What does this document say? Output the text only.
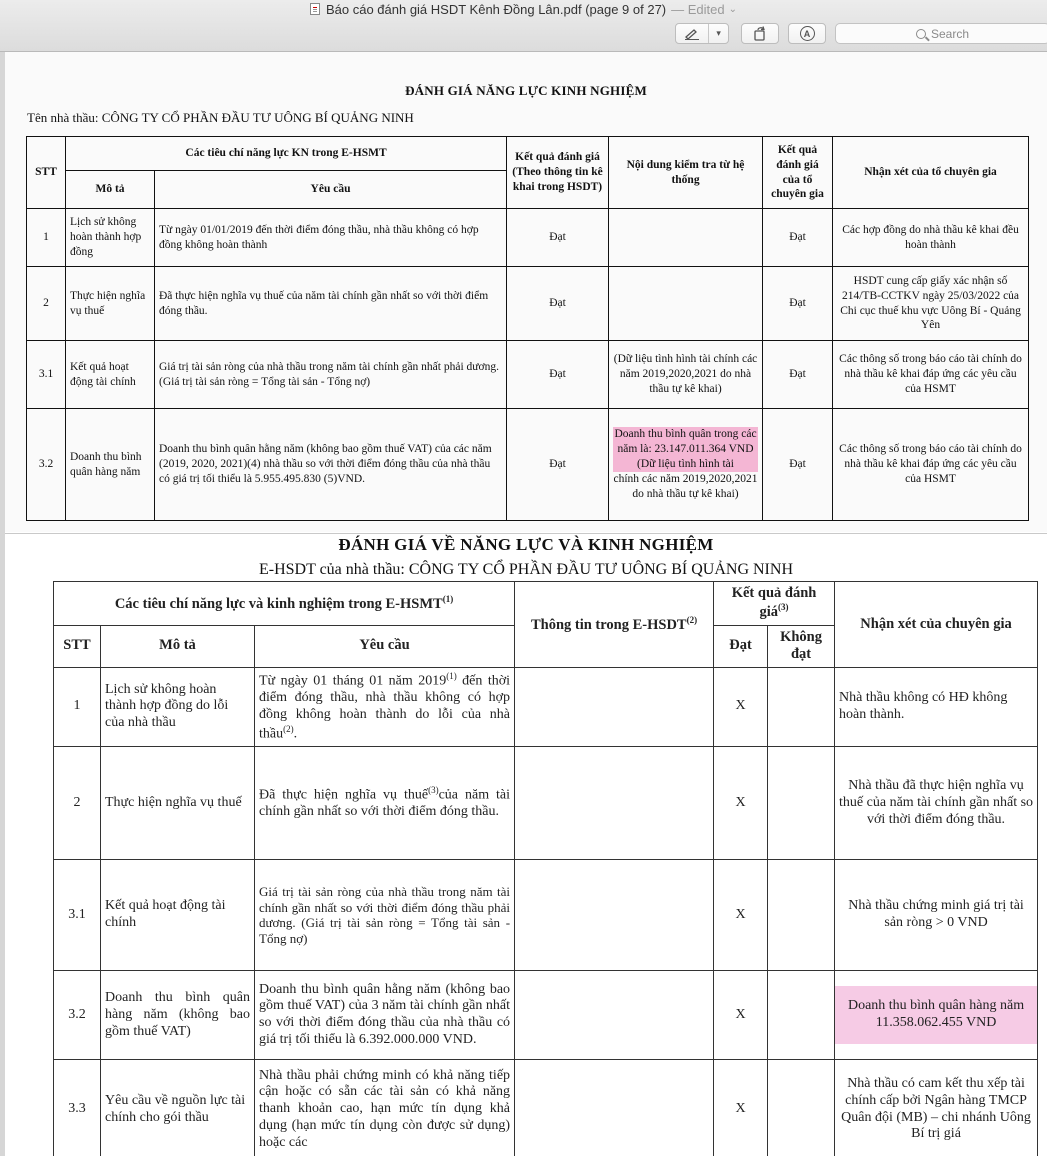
Báo cáo đánh giá HSDT Kênh Đồng Lân.pdf (page 9 of 27) — Edited ⌄
▾	A	Search
ĐÁNH GIÁ NĂNG LỰC KINH NGHIỆM
Tên nhà thầu: CÔNG TY CỔ PHẦN ĐẦU TƯ UÔNG BÍ QUẢNG NINH
STT	Các tiêu chí năng lực KN trong E-HSMT		Kết quả đánh giá (Theo thông tin kê khai trong HSDT)	Nội dung kiểm tra từ hệ thống	Kết quả đánh giá của tổ chuyên gia	Nhận xét của tổ chuyên gia
	Mô tả	Yêu cầu				
1	Lịch sử không hoàn thành hợp đồng	Từ ngày 01/01/2019 đến thời điểm đóng thầu, nhà thầu không có hợp đồng không hoàn thành	Đạt		Đạt	Các hợp đồng do nhà thầu kê khai đều hoàn thành
2	Thực hiện nghĩa vụ thuế	Đã thực hiện nghĩa vụ thuế của năm tài chính gần nhất so với thời điểm đóng thầu.	Đạt		Đạt	HSDT cung cấp giấy xác nhận số 214/TB-CCTKV ngày 25/03/2022 của Chi cục thuế khu vực Uông Bí - Quảng Yên
3.1	Kết quả hoạt động tài chính	Giá trị tài sản ròng của nhà thầu trong năm tài chính gần nhất phải dương. (Giá trị tài sản ròng = Tổng tài sản - Tổng nợ)	Đạt	(Dữ liệu tình hình tài chính các năm 2019,2020,2021 do nhà thầu tự kê khai)	Đạt	Các thông số trong báo cáo tài chính do nhà thầu kê khai đáp ứng các yêu cầu của HSMT
3.2	Doanh thu bình quân hàng năm	Doanh thu bình quân hằng năm (không bao gồm thuế VAT) của các năm (2019, 2020, 2021)(4) nhà thầu so với thời điểm đóng thầu của nhà thầu có giá trị tối thiểu là 5.955.495.830 (5)VND.	Đạt	Doanh thu bình quân trong các năm là: 23.147.011.364 VND (Dữ liệu tình hình tài
chính các năm 2019,2020,2021 do nhà thầu tự kê khai)	Đạt	Các thông số trong báo cáo tài chính do nhà thầu kê khai đáp ứng các yêu cầu của HSMT
ĐÁNH GIÁ VỀ NĂNG LỰC VÀ KINH NGHIỆM
E-HSDT của nhà thầu: CÔNG TY CỔ PHẦN ĐẦU TƯ UÔNG BÍ QUẢNG NINH
Các tiêu chí năng lực và kinh nghiệm trong E-HSMT$^{(1)}$			Thông tin trong E-HSDT$^{(2)}$	Kết quả đánh giá$^{(3)}$		Nhận xét của chuyên gia
STT	Mô tả	Yêu cầu		Đạt	Không đạt	
1	Lịch sử không hoàn thành hợp đồng do lỗi của nhà thầu	Từ ngày 01 tháng 01 năm 2019$^{(1)}$ đến thời điểm đóng thầu, nhà thầu không có hợp đồng không hoàn thành do lỗi của nhà thầu$^{(2)}$.		X		Nhà thầu không có HĐ không hoàn thành.
2	Thực hiện nghĩa vụ thuế	Đã thực hiện nghĩa vụ thuế$^{(3)}$của năm tài chính gần nhất so với thời điểm đóng thầu.		X		Nhà thầu đã thực hiện nghĩa vụ thuế của năm tài chính gần nhất so với thời điểm đóng thầu.
3.1	Kết quả hoạt động tài chính	Giá trị tài sản ròng của nhà thầu trong năm tài chính gần nhất so với thời điểm đóng thầu phải dương. (Giá trị tài sản ròng = Tổng tài sản - Tổng nợ)		X		Nhà thầu chứng minh giá trị tài sản ròng > 0 VND
3.2	Doanh thu bình quân hàng năm (không bao gồm thuế VAT)	Doanh thu bình quân hằng năm (không bao gồm thuế VAT) của 3 năm tài chính gần nhất so với thời điểm đóng thầu của nhà thầu có giá trị tối thiểu là 6.392.000.000 VND.		X		Doanh thu bình quân hàng năm 11.358.062.455 VND

3.3	Yêu cầu về nguồn lực tài chính cho gói thầu	Nhà thầu phải chứng minh có khả năng tiếp cận hoặc có sẵn các tài sản có khả năng thanh khoản cao, hạn mức tín dụng khả dụng (hạn mức tín dụng còn được sử dụng) hoặc các		X		Nhà thầu có cam kết thu xếp tài chính cấp bởi Ngân hàng TMCP Quân đội (MB) – chi nhánh Uông Bí trị giá
